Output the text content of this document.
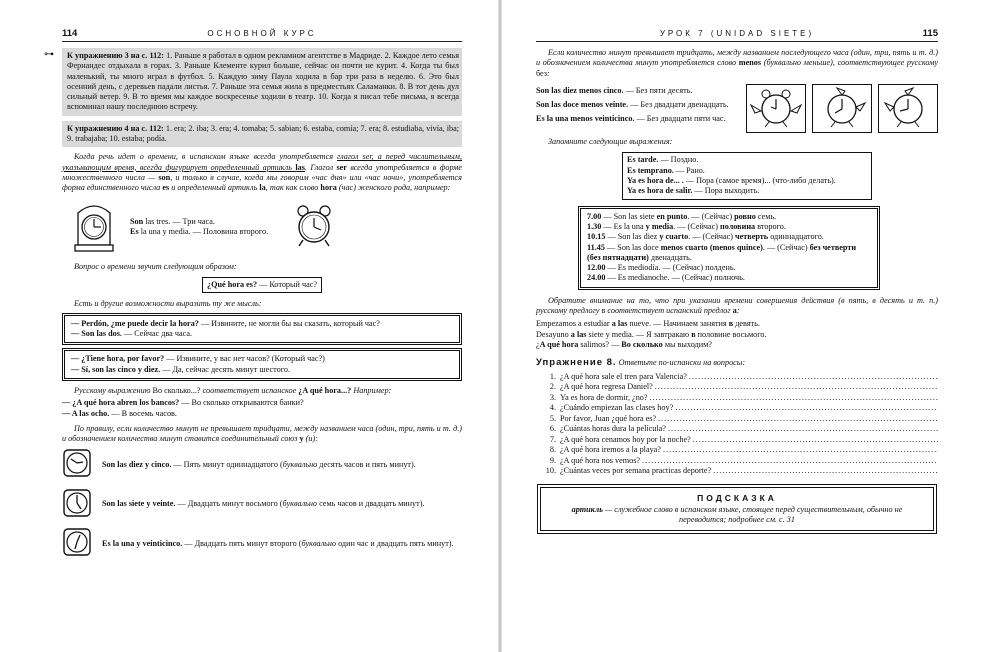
114	ОСНОВНОЙ КУРС
⊶	К упражнению 3 на с. 112: 1. Раньше я работал в одном рекламном агентстве в Мадриде. 2. Каждое лето семья Фернандес отдыхала в горах. 3. Раньше Клементе курил больше, сейчас он почти не курит. 4. Когда ты был маленький, ты много играл в футбол. 5. Каждую зиму Паула ходила в бар три раза в неделю. 6. Это был осенний день, с деревьев падали листья. 7. Раньше эта семья жила в предместьях Саламанки. 8. В тот день дул сильный ветер. 9. В то время мы каждое воскресенье ходили в театр. 10. Когда я писал тебе письма, я всегда вспоминал нашу последнюю встречу.
К упражнению 4 на с. 112: 1. era; 2. iba; 3. era; 4. tomaba; 5. sabian; 6. estaba, comía; 7. era; 8. estudiaba, vivía, iba; 9. trabajaba; 10. estaba; podía.
Когда речь идет о времени, в испанском языке всегда употребляется глагол ser, а перед числительным, указывающим время, всегда фигурирует определенный артикль las. Глагол ser всегда употребляется в форме множественного числа — son, и только в случае, когда мы говорим «час дня» или «час ночи», употребляется форма единственного числа es и определенный артикль la, так как слово hora (час) женского рода, например:
Son las tres. — Три часа.
Es la una y media. — Половина второго.
Вопрос о времени звучит следующим образом:
¿Qué hora es? — Который час?
Есть и другие возможности выразить ту же мысль:
— Perdón, ¿me puede decir la hora? — Извините, не могли бы вы сказать, который час?
— Son las dos. — Сейчас два часа.
— ¿Tiene hora, por favor? — Извините, у вас нет часов? (Который час?)
— Sí, son las cinco y diez. — Да, сейчас десять минут шестого.
Русскому выражению Во сколько...? соответствует испанское ¿A qué hora...? Например:
— ¿A qué hora abren los bancos? — Во сколько открываются банки?
— A las ocho. — В восемь часов.
По правилу, если количество минут не превышает тридцати, между названием часа (один, три, пять и т. д.) и обозначением количества минут ставится соединительный союз y (и):
Son las diez y cinco. — Пять минут одиннадцатого (буквально десять часов и пять минут).
Son las siete y veinte. — Двадцать минут восьмого (буквально семь часов и двадцать минут).
Es la una y veinticinco. — Двадцать пять минут второго (буквально один час и двадцать пять минут).
УРОК 7 (UNIDAD SIETE)	115
Если количество минут превышает тридцать, между названием последующего часа (один, три, пять и т. д.) и обозначением количества минут употребляется слово menos (буквально меньше), соответствующее русскому без:
Son las diez menos cinco. — Без пяти десять.
Son las doce menos veinte. — Без двадцати двенадцать.
Es la una menos veinticinco. — Без двадцати пяти час.
Запомните следующие выражения:
Es tarde. — Поздно.
Es temprano. — Рано.
Ya es hora de... . — Пора (самое время)... (что-либо делать).
Ya es hora de salir. — Пора выходить.
7.00 — Son las siete en punto. — (Сейчас) ровно семь.
1.30 — Es la una y media. — (Сейчас) половина второго.
10.15 — Son las diez y cuarto. — (Сейчас) четверть одиннадцатого.
11.45 — Son las doce menos cuarto (menos quince). — (Сейчас) без четверти (без пятнадцати) двенадцать.
12.00 — Es mediodía. — (Сейчас) полдень.
24.00 — Es medianoche. — (Сейчас) полночь.
Обратите внимание на то, что при указании времени совершения действия (в пять, в десять и т. п.) русскому предлогу в соответствует испанский предлог a:
Empezamos a estudiar a las nueve. — Начинаем занятия в девять.
Desayuno a las siete y media. — Я завтракаю в половине восьмого.
¿A qué hora salimos? — Во сколько мы выходим?
Упражнение 8. Ответьте по-испански на вопросы:
1. ¿A qué hora sale el tren para Valencia?
.....
2. ¿A qué hora regresa Daniel?
.....
3. Ya es hora de dormir, ¿no?
.....
4. ¿Cuándo empiezan las clases hoy?
.....
5. Por favor, Juan ¿qué hora es?
.....
6. ¿Cuántas horas dura la película?
.....
7. ¿A qué hora cenamos hoy por la noche?
.....
8. ¿A qué hora iremos a la playa?
.....
9. ¿A qué hora nos vemos?
.....
10. ¿Cuántas veces por semana practicas deporte?
.....
ПОДСКАЗКА
артикль — служебное слово в испанском языке, стоящее перед существительным, обычно не переводится; подробнее см. с. 31
